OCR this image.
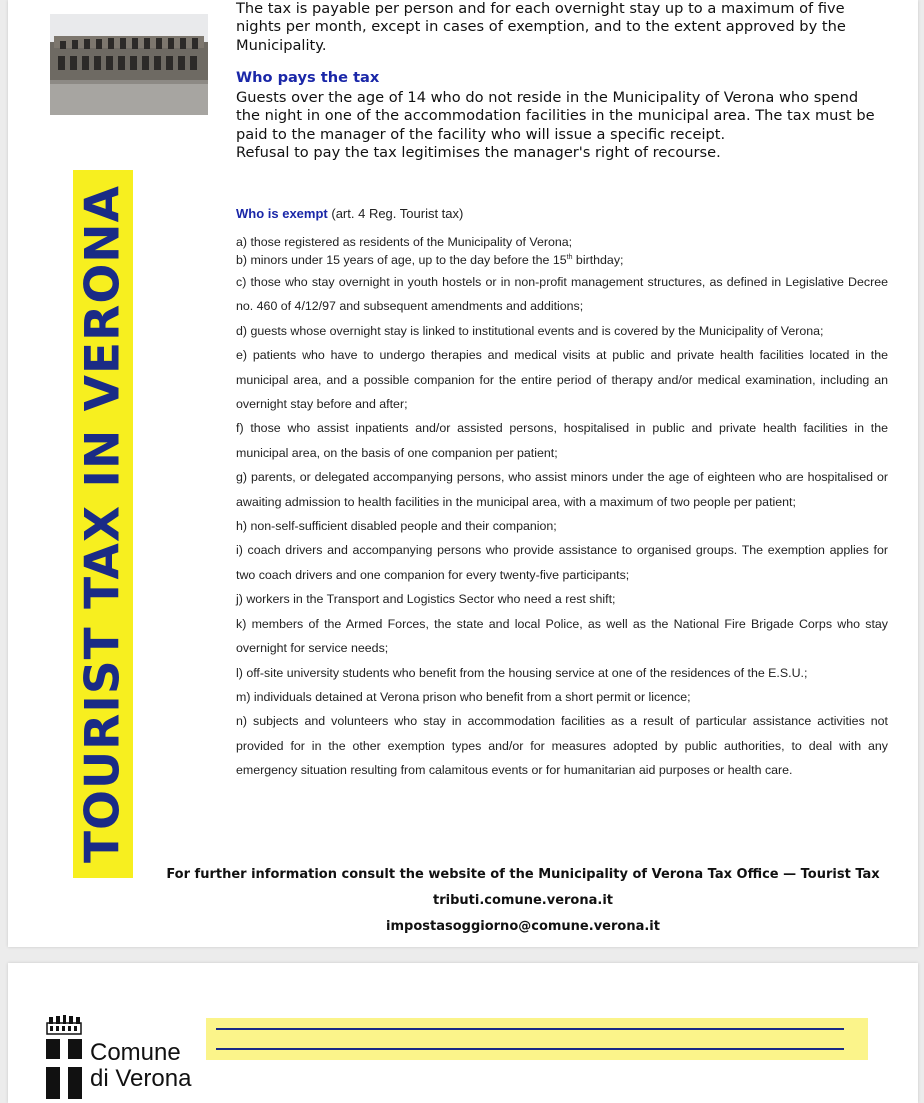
TOURIST TAX IN VERONA

The tax is payable per person and for each overnight stay up to a maximum of five nights per month, except in cases of exemption, and to the extent approved by the Municipality.

Who pays the tax
Guests over the age of 14 who do not reside in the Municipality of Verona who spend the night in one of the accommodation facilities in the municipal area. The tax must be paid to the manager of the facility who will issue a specific receipt.
Refusal to pay the tax legitimises the manager's right of recourse.
Who is exempt (art. 4 Reg. Tourist tax)
a) those registered as residents of the Municipality of Verona;
b) minors under 15 years of age, up to the day before the 15th birthday;
c) those who stay overnight in youth hostels or in non-profit management structures, as defined in Legislative Decree no. 460 of 4/12/97 and subsequent amendments and additions;
d) guests whose overnight stay is linked to institutional events and is covered by the Municipality of Verona;
e) patients who have to undergo therapies and medical visits at public and private health facilities located in the municipal area, and a possible companion for the entire period of therapy and/or medical examination, including an overnight stay before and after;
f) those who assist inpatients and/or assisted persons, hospitalised in public and private health facilities in the municipal area, on the basis of one companion per patient;
g) parents, or delegated accompanying persons, who assist minors under the age of eighteen who are hospitalised or awaiting admission to health facilities in the municipal area, with a maximum of two people per patient;
h) non-self-sufficient disabled people and their companion;
i) coach drivers and accompanying persons who provide assistance to organised groups. The exemption applies for two coach drivers and one companion for every twenty-five participants;
j) workers in the Transport and Logistics Sector who need a rest shift;
k) members of the Armed Forces, the state and local Police, as well as the National Fire Brigade Corps who stay overnight for service needs;
l) off-site university students who benefit from the housing service at one of the residences of the E.S.U.;
m) individuals detained at Verona prison who benefit from a short permit or licence;
n) subjects and volunteers who stay in accommodation facilities as a result of particular assistance activities not provided for in the other exemption types and/or for measures adopted by public authorities, to deal with any emergency situation resulting from calamitous events or for humanitarian aid purposes or health care.
For further information consult the website of the Municipality of Verona Tax Office — Tourist Tax
tributi.comune.verona.it
impostasoggiorno@comune.verona.it
Comune
di Verona
